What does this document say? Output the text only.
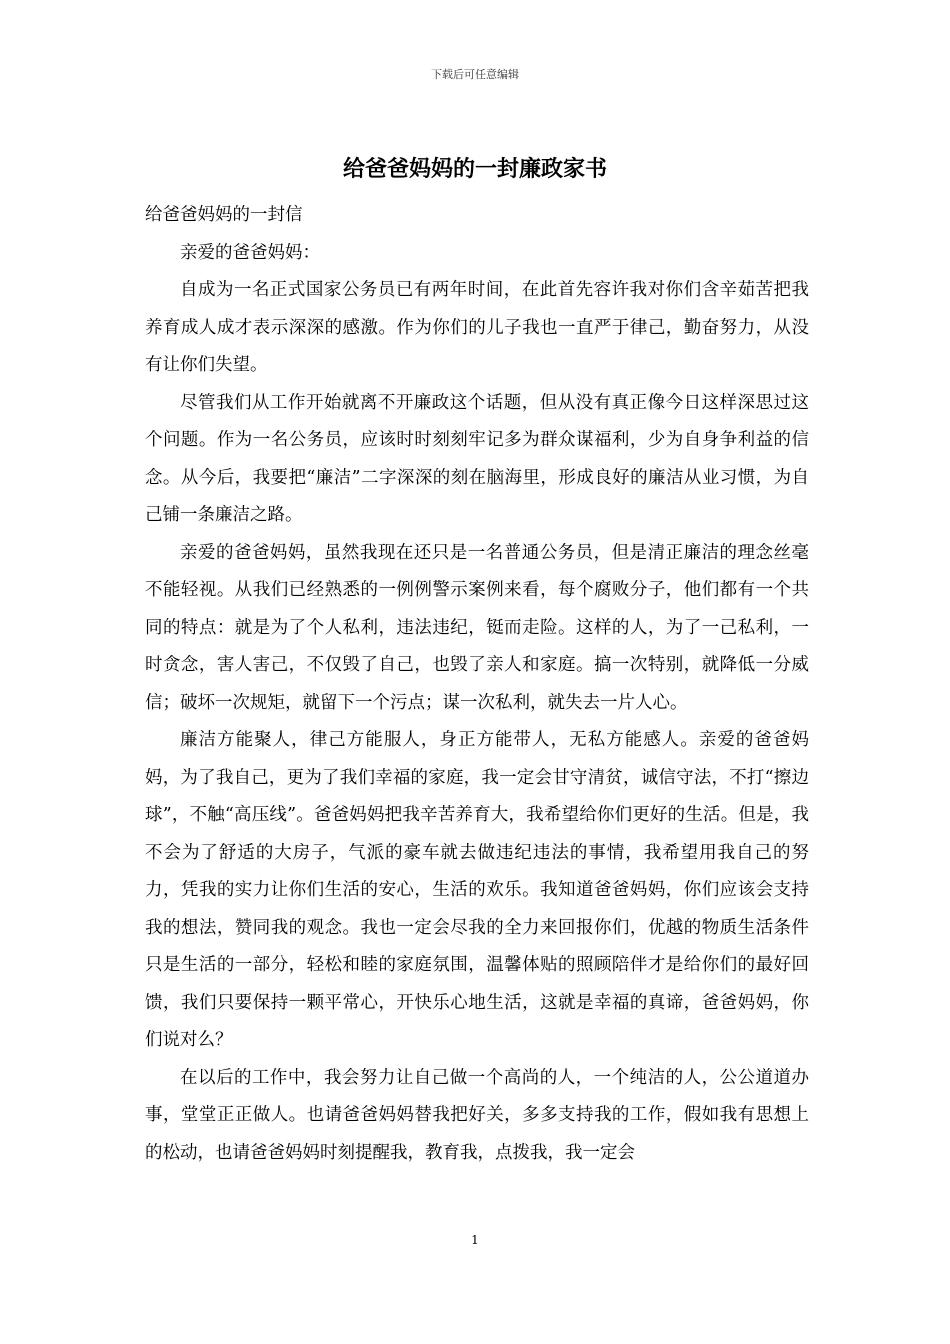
下载后可任意编辑
给爸爸妈妈的一封廉政家书

给爸爸妈妈的一封信

亲爱的爸爸妈妈：

自成为一名正式国家公务员已有两年时间，在此首先容许我对你们含辛茹苦把我养育成人成才表示深深的感激。作为你们的儿子我也一直严于律己，勤奋努力，从没有让你们失望。

尽管我们从工作开始就离不开廉政这个话题，但从没有真正像今日这样深思过这个问题。作为一名公务员，应该时时刻刻牢记多为群众谋福利，少为自身争利益的信念。从今后，我要把“廉洁”二字深深的刻在脑海里，形成良好的廉洁从业习惯，为自己铺一条廉洁之路。

亲爱的爸爸妈妈，虽然我现在还只是一名普通公务员，但是清正廉洁的理念丝毫不能轻视。从我们已经熟悉的一例例警示案例来看，每个腐败分子，他们都有一个共同的特点：就是为了个人私利，违法违纪，铤而走险。这样的人，为了一己私利，一时贪念，害人害己，不仅毁了自己，也毁了亲人和家庭。搞一次特别，就降低一分威信；破坏一次规矩，就留下一个污点；谋一次私利，就失去一片人心。

廉洁方能聚人，律己方能服人，身正方能带人，无私方能感人。亲爱的爸爸妈妈，为了我自己，更为了我们幸福的家庭，我一定会甘守清贫，诚信守法，不打“擦边球”，不触“高压线”。爸爸妈妈把我辛苦养育大，我希望给你们更好的生活。但是，我不会为了舒适的大房子，气派的豪车就去做违纪违法的事情，我希望用我自己的努力，凭我的实力让你们生活的安心，生活的欢乐。我知道爸爸妈妈，你们应该会支持我的想法，赞同我的观念。我也一定会尽我的全力来回报你们，优越的物质生活条件只是生活的一部分，轻松和睦的家庭氛围，温馨体贴的照顾陪伴才是给你们的最好回馈，我们只要保持一颗平常心，开快乐心地生活，这就是幸福的真谛，爸爸妈妈，你们说对么？

在以后的工作中，我会努力让自己做一个高尚的人，一个纯洁的人，公公道道办事，堂堂正正做人。也请爸爸妈妈替我把好关，多多支持我的工作，假如我有思想上的松动，也请爸爸妈妈时刻提醒我，教育我，点拨我，我一定会

1
